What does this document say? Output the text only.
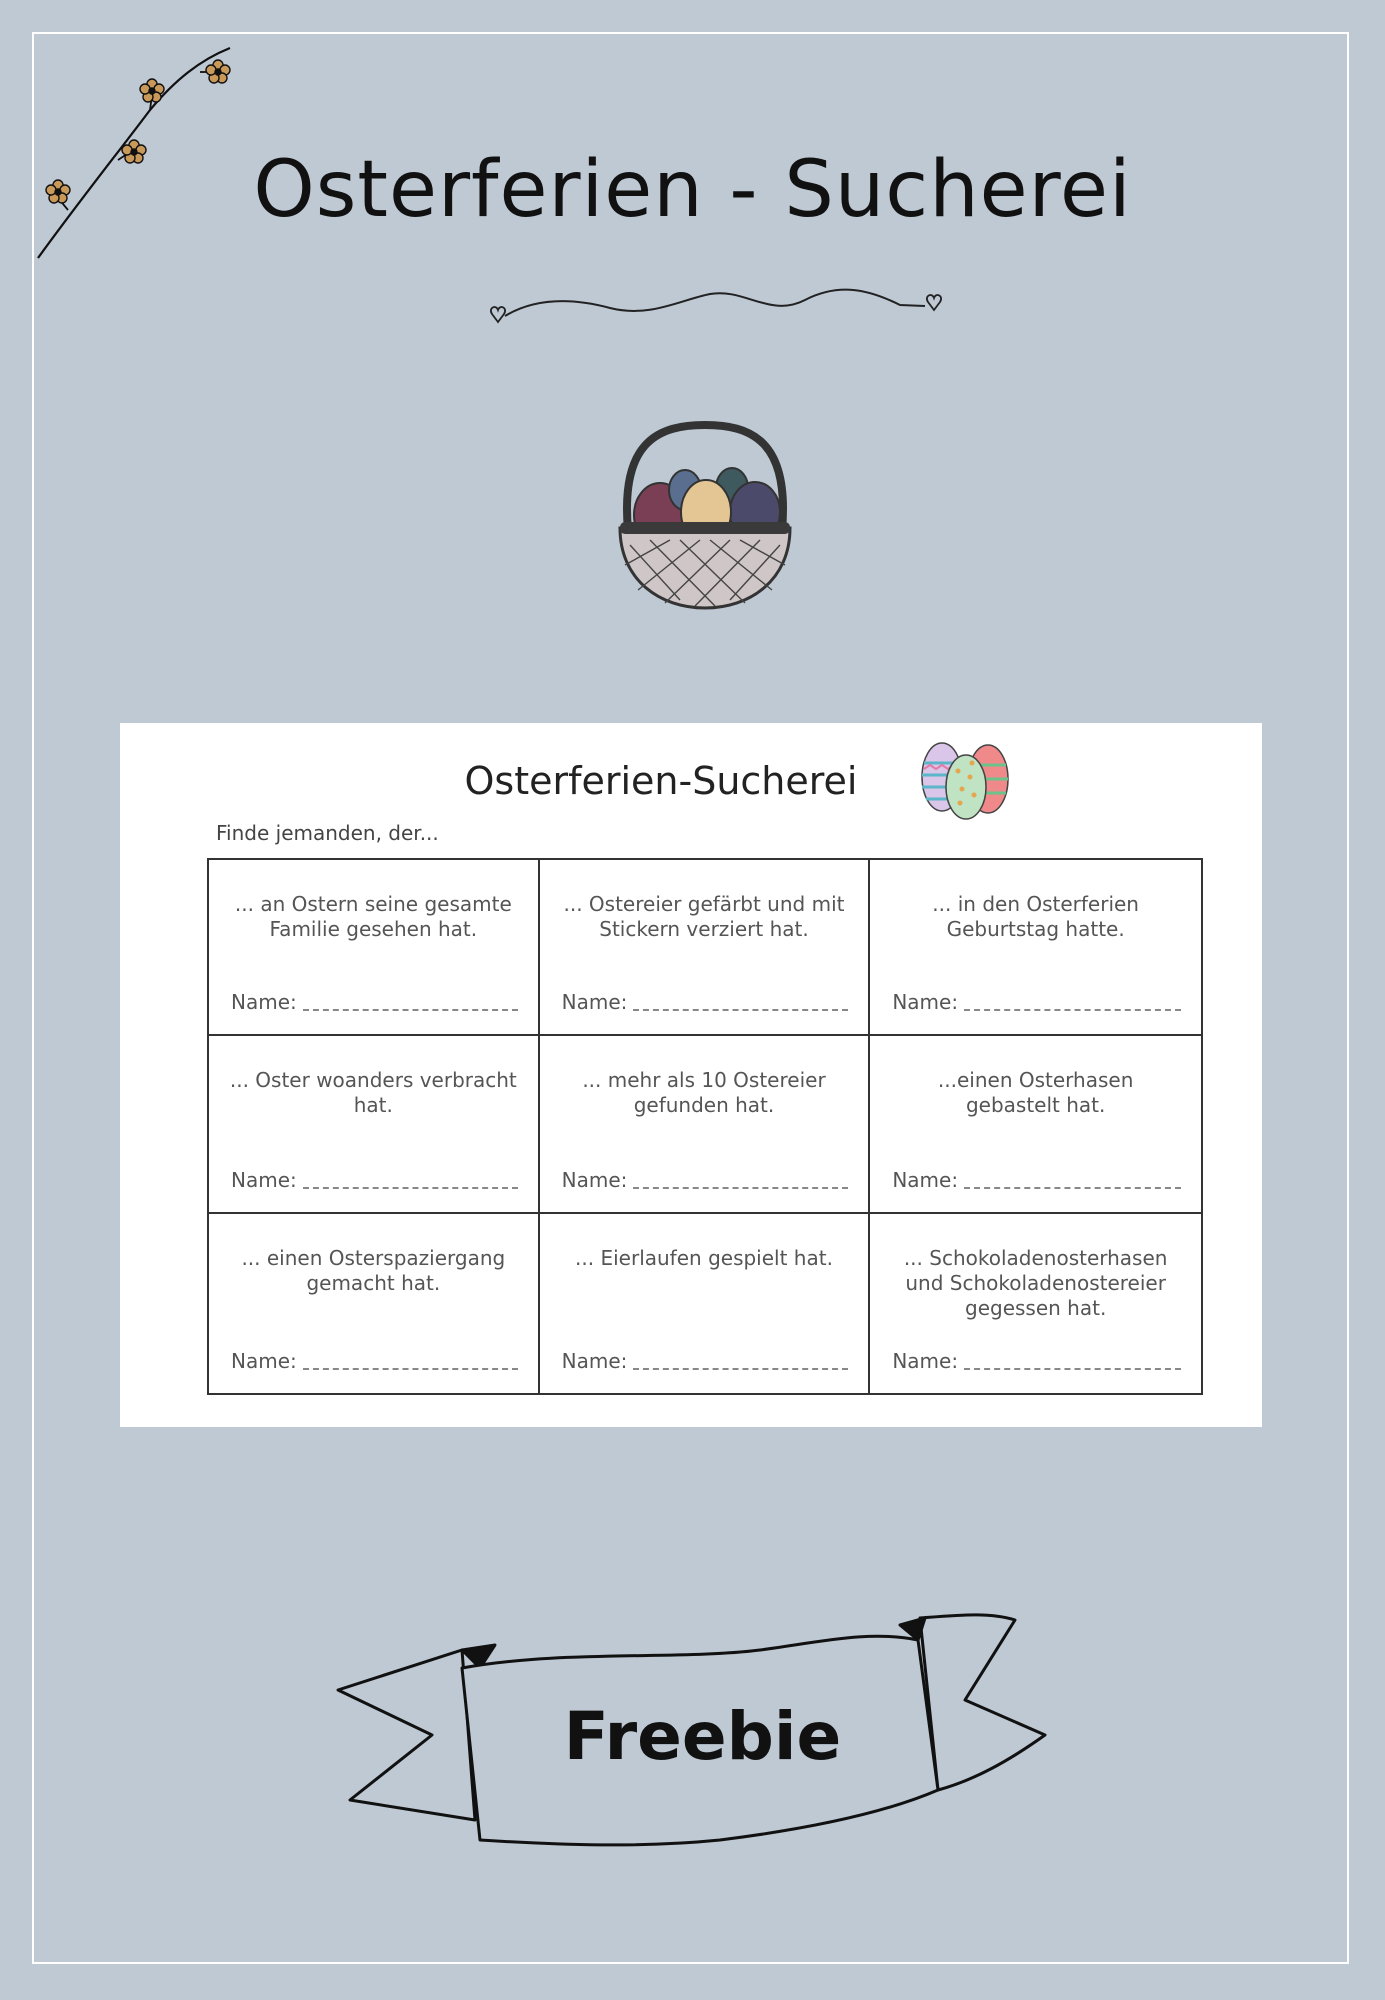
Osterferien - Sucherei
Osterferien-Sucherei
Finde jemanden, der...
... an Ostern seine gesamte Familie gesehen hat.
Name:
... Ostereier gefärbt und mit Stickern verziert hat.
Name:
... in den Osterferien Geburtstag hatte.
Name:
... Oster woanders verbracht hat.
Name:
... mehr als 10 Ostereier gefunden hat.
Name:
...einen Osterhasen gebastelt hat.
Name:
... einen Osterspaziergang gemacht hat.
Name:
... Eierlaufen gespielt hat.
Name:
... Schokoladenosterhasen und Schokoladenostereier gegessen hat.
Name:
Freebie
